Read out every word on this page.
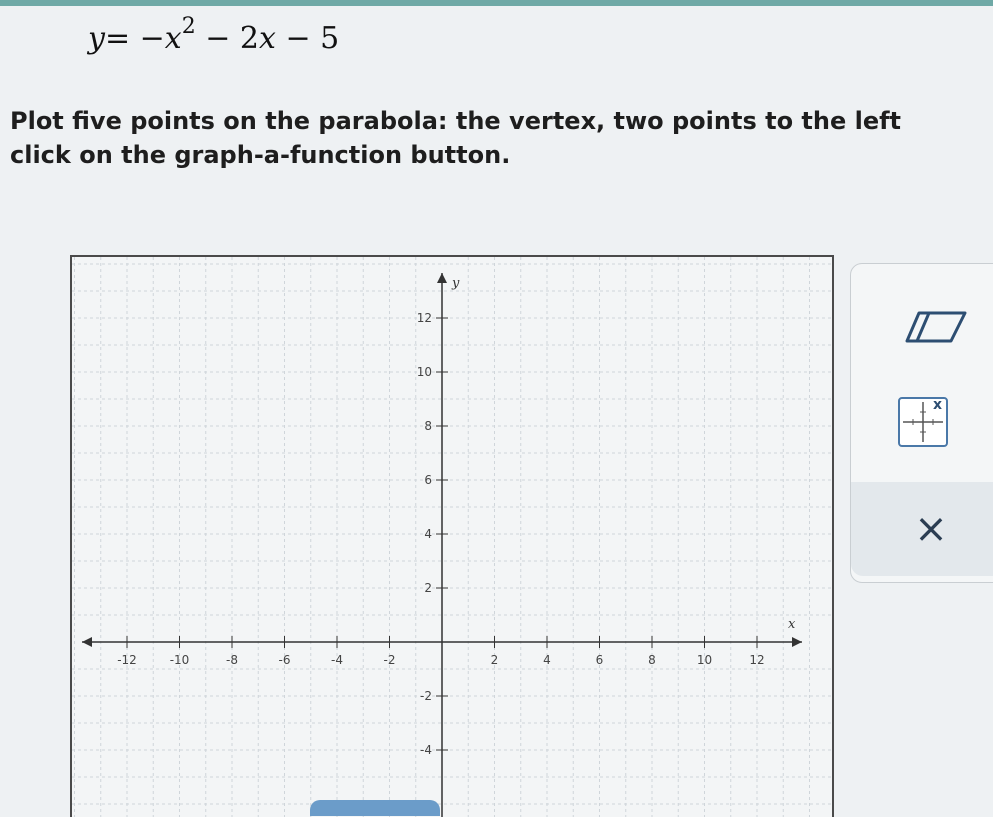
$y= -x^2 - 2x - 5$
Plot five points on the parabola: the vertex, two points to the left
click on the graph-a-function button.
x
y
-12	-10	-8	-6	-4	-2	2	4	6	8	10	12
12
10
8
6
4
2
-2
-4
x
×
